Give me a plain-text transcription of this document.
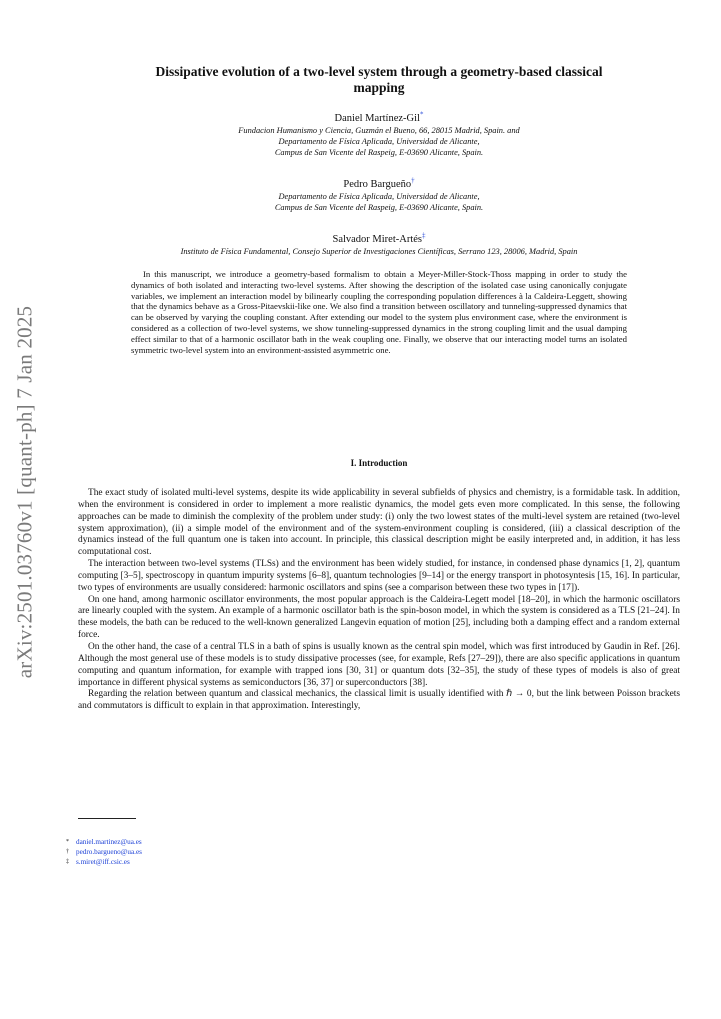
arXiv:2501.03760v1 [quant-ph] 7 Jan 2025
Dissipative evolution of a two-level system through a geometry-based classical
mapping
Daniel Martínez-Gil*
Fundacion Humanismo y Ciencia, Guzmán el Bueno, 66, 28015 Madrid, Spain. and
Departamento de Física Aplicada, Universidad de Alicante,
Campus de San Vicente del Raspeig, E-03690 Alicante, Spain.
Pedro Bargueño†
Departamento de Física Aplicada, Universidad de Alicante,
Campus de San Vicente del Raspeig, E-03690 Alicante, Spain.
Salvador Miret-Artés‡
Instituto de Física Fundamental, Consejo Superior de Investigaciones Científicas, Serrano 123, 28006, Madrid, Spain
In this manuscript, we introduce a geometry-based formalism to obtain a Meyer-Miller-Stock-Thoss mapping in order to study the dynamics of both isolated and interacting two-level systems. After showing the description of the isolated case using canonically conjugate variables, we implement an interaction model by bilinearly coupling the corresponding population differences à la Caldeira-Leggett, showing that the dynamics behave as a Gross-Pitaevskii-like one. We also find a transition between oscillatory and tunneling-suppressed dynamics that can be observed by varying the coupling constant. After extending our model to the system plus environment case, where the environment is considered as a collection of two-level systems, we show tunneling-suppressed dynamics in the strong coupling limit and the usual damping effect similar to that of a harmonic oscillator bath in the weak coupling one. Finally, we observe that our interacting model turns an isolated symmetric two-level system into an environment-assisted asymmetric one.
I. Introduction

The exact study of isolated multi-level systems, despite its wide applicability in several subfields of physics and chemistry, is a formidable task. In addition, when the environment is considered in order to implement a more realistic dynamics, the model gets even more complicated. In this sense, the following approaches can be made to diminish the complexity of the problem under study: (i) only the two lowest states of the multi-level system are retained (two-level system approximation), (ii) a simple model of the environment and of the system-environment coupling is considered, (iii) a classical description of the dynamics instead of the full quantum one is taken into account. In principle, this classical description might be easily interpreted and, in addition, it has less computational cost.

The interaction between two-level systems (TLSs) and the environment has been widely studied, for instance, in condensed phase dynamics [1, 2], quantum computing [3–5], spectroscopy in quantum impurity systems [6–8], quantum technologies [9–14] or the energy transport in photosyntesis [15, 16]. In particular, two types of environments are usually considered: harmonic oscillators and spins (see a comparison between these two types in [17]).

On one hand, among harmonic oscillator environments, the most popular approach is the Caldeira-Legett model [18–20], in which the harmonic oscillators are linearly coupled with the system. An example of a harmonic oscillator bath is the spin-boson model, in which the system is considered as a TLS [21–24]. In these models, the bath can be reduced to the well-known generalized Langevin equation of motion [25], including both a damping effect and a random external force.

On the other hand, the case of a central TLS in a bath of spins is usually known as the central spin model, which was first introduced by Gaudin in Ref. [26]. Although the most general use of these models is to study dissipative processes (see, for example, Refs [27–29]), there are also specific applications in quantum computing and quantum information, for example with trapped ions [30, 31] or quantum dots [32–35], the study of these types of models is also of great importance in different physical systems as semiconductors [36, 37] or superconductors [38].

Regarding the relation between quantum and classical mechanics, the classical limit is usually identified with ℏ → 0, but the link between Poisson brackets and commutators is difficult to explain in that approximation. Interestingly,

* daniel.martinez@ua.es
† pedro.bargueno@ua.es
‡ s.miret@iff.csic.es
